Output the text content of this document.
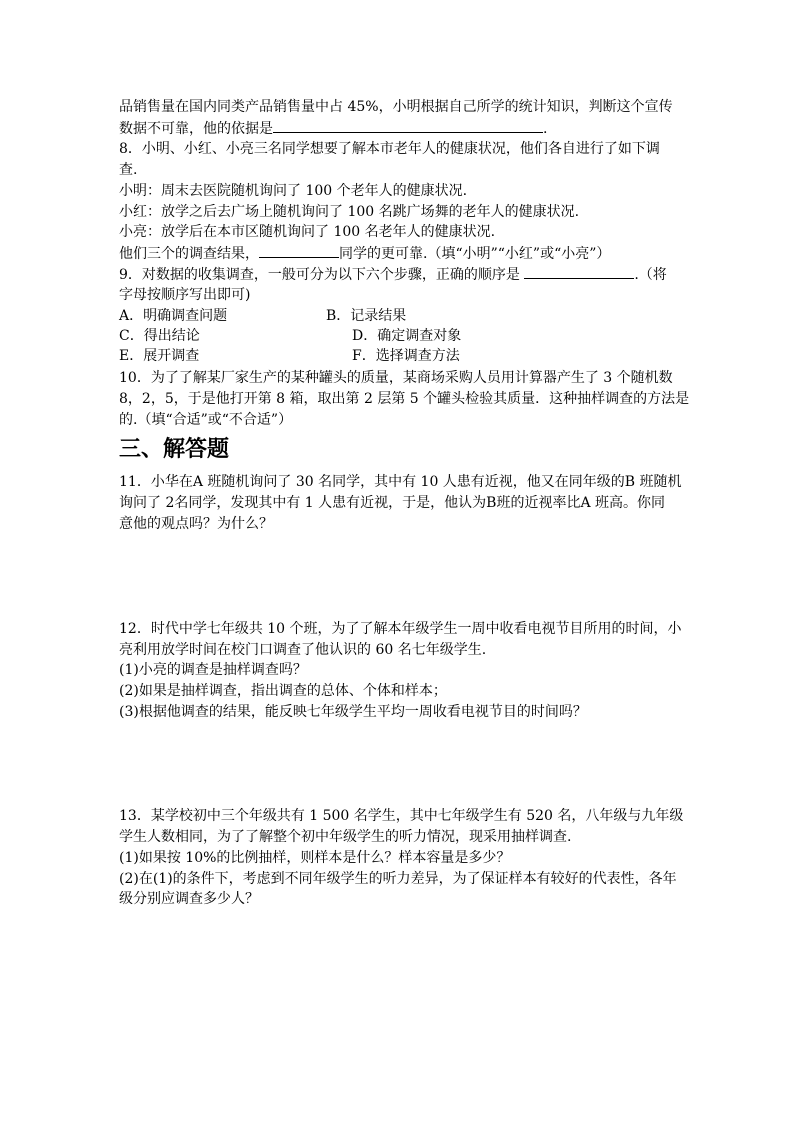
品销售量在国内同类产品销售量中占 45%，小明根据自己所学的统计知识，判断这个宣传
数据不可靠，他的依据是	.
8．小明、小红、小亮三名同学想要了解本市老年人的健康状况，他们各自进行了如下调
查.
小明：周末去医院随机询问了 100 个老年人的健康状况.
小红：放学之后去广场上随机询问了 100 名跳广场舞的老年人的健康状况.
小亮：放学后在本市区随机询问了 100 名老年人的健康状况.
他们三个的调查结果，	同学的更可靠.（填“小明”“小红”或“小亮”）
9．对数据的收集调查，一般可分为以下六个步骤，正确的顺序是	.（将
字母按顺序写出即可)
A．明确调查问题	B．记录结果
C．得出结论	D．确定调查对象
E．展开调查	F．选择调查方法
10．为了了解某厂家生产的某种罐头的质量，某商场采购人员用计算器产生了 3 个随机数
8，2，5，于是他打开第 8 箱，取出第 2 层第 5 个罐头检验其质量．这种抽样调查的方法是
的.（填“合适”或“不合适”）
三、解答题
11．小华在A 班随机询问了 30 名同学，其中有 10 人患有近视，他又在同年级的B 班随机
询问了 2名同学，发现其中有 1 人患有近视，于是，他认为B班的近视率比A 班高。你同
意他的观点吗？为什么？
12．时代中学七年级共 10 个班，为了了解本年级学生一周中收看电视节目所用的时间，小
亮利用放学时间在校门口调查了他认识的 60 名七年级学生.
(1)小亮的调查是抽样调查吗？
(2)如果是抽样调查，指出调查的总体、个体和样本；
(3)根据他调查的结果，能反映七年级学生平均一周收看电视节目的时间吗？
13．某学校初中三个年级共有 1 500 名学生，其中七年级学生有 520 名，八年级与九年级
学生人数相同，为了了解整个初中年级学生的听力情况，现采用抽样调查.
(1)如果按 10%的比例抽样，则样本是什么？样本容量是多少？
(2)在(1)的条件下，考虑到不同年级学生的听力差异，为了保证样本有较好的代表性，各年
级分别应调查多少人？
